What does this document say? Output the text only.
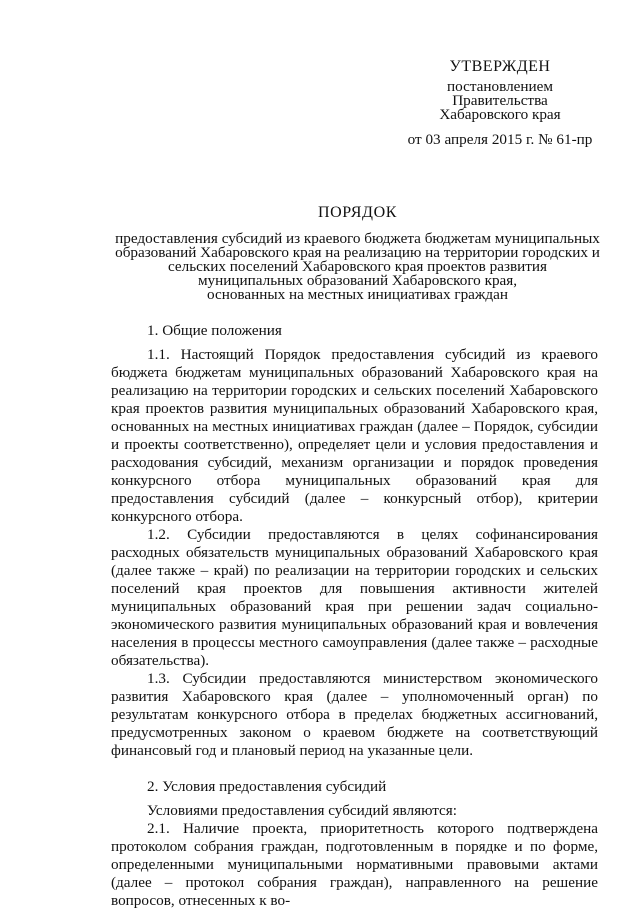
УТВЕРЖДЕН
постановлением
Правительства
Хабаровского края
от 03 апреля 2015 г. № 61-пр
ПОРЯДОК
предоставления субсидий из краевого бюджета бюджетам муниципальных
образований Хабаровского края на реализацию на территории городских и
сельских поселений Хабаровского края проектов развития
муниципальных образований Хабаровского края,
основанных на местных инициативах граждан
1. Общие положения

1.1. Настоящий Порядок предоставления субсидий из краевого бюджета бюджетам муниципальных образований Хабаровского края на реализацию на территории городских и сельских поселений Хабаровского края проектов развития муниципальных образований Хабаровского края, основанных на местных инициативах граждан (далее – Порядок, субсидии и проекты соответственно), определяет цели и условия предоставления и расходования субсидий, механизм организации и порядок проведения конкурсного отбора муниципальных образований края для предоставления субсидий (далее – конкурсный отбор), критерии конкурсного отбора.

1.2. Субсидии предоставляются в целях софинансирования расходных обязательств муниципальных образований Хабаровского края (далее также – край) по реализации на территории городских и сельских поселений края проектов для повышения активности жителей муниципальных образований края при решении задач социально-экономического развития муниципальных образований края и вовлечения населения в процессы местного самоуправления (далее также – расходные обязательства).

1.3. Субсидии предоставляются министерством экономического развития Хабаровского края (далее – уполномоченный орган) по результатам конкурсного отбора в пределах бюджетных ассигнований, предусмотренных законом о краевом бюджете на соответствующий финансовый год и плановый период на указанные цели.

2. Условия предоставления субсидий
Условиями предоставления субсидий являются:

2.1. Наличие проекта, приоритетность которого подтверждена протоколом собрания граждан, подготовленным в порядке и по форме, определенными муниципальными нормативными правовыми актами (далее – протокол собрания граждан), направленного на решение вопросов, отнесенных к во-
